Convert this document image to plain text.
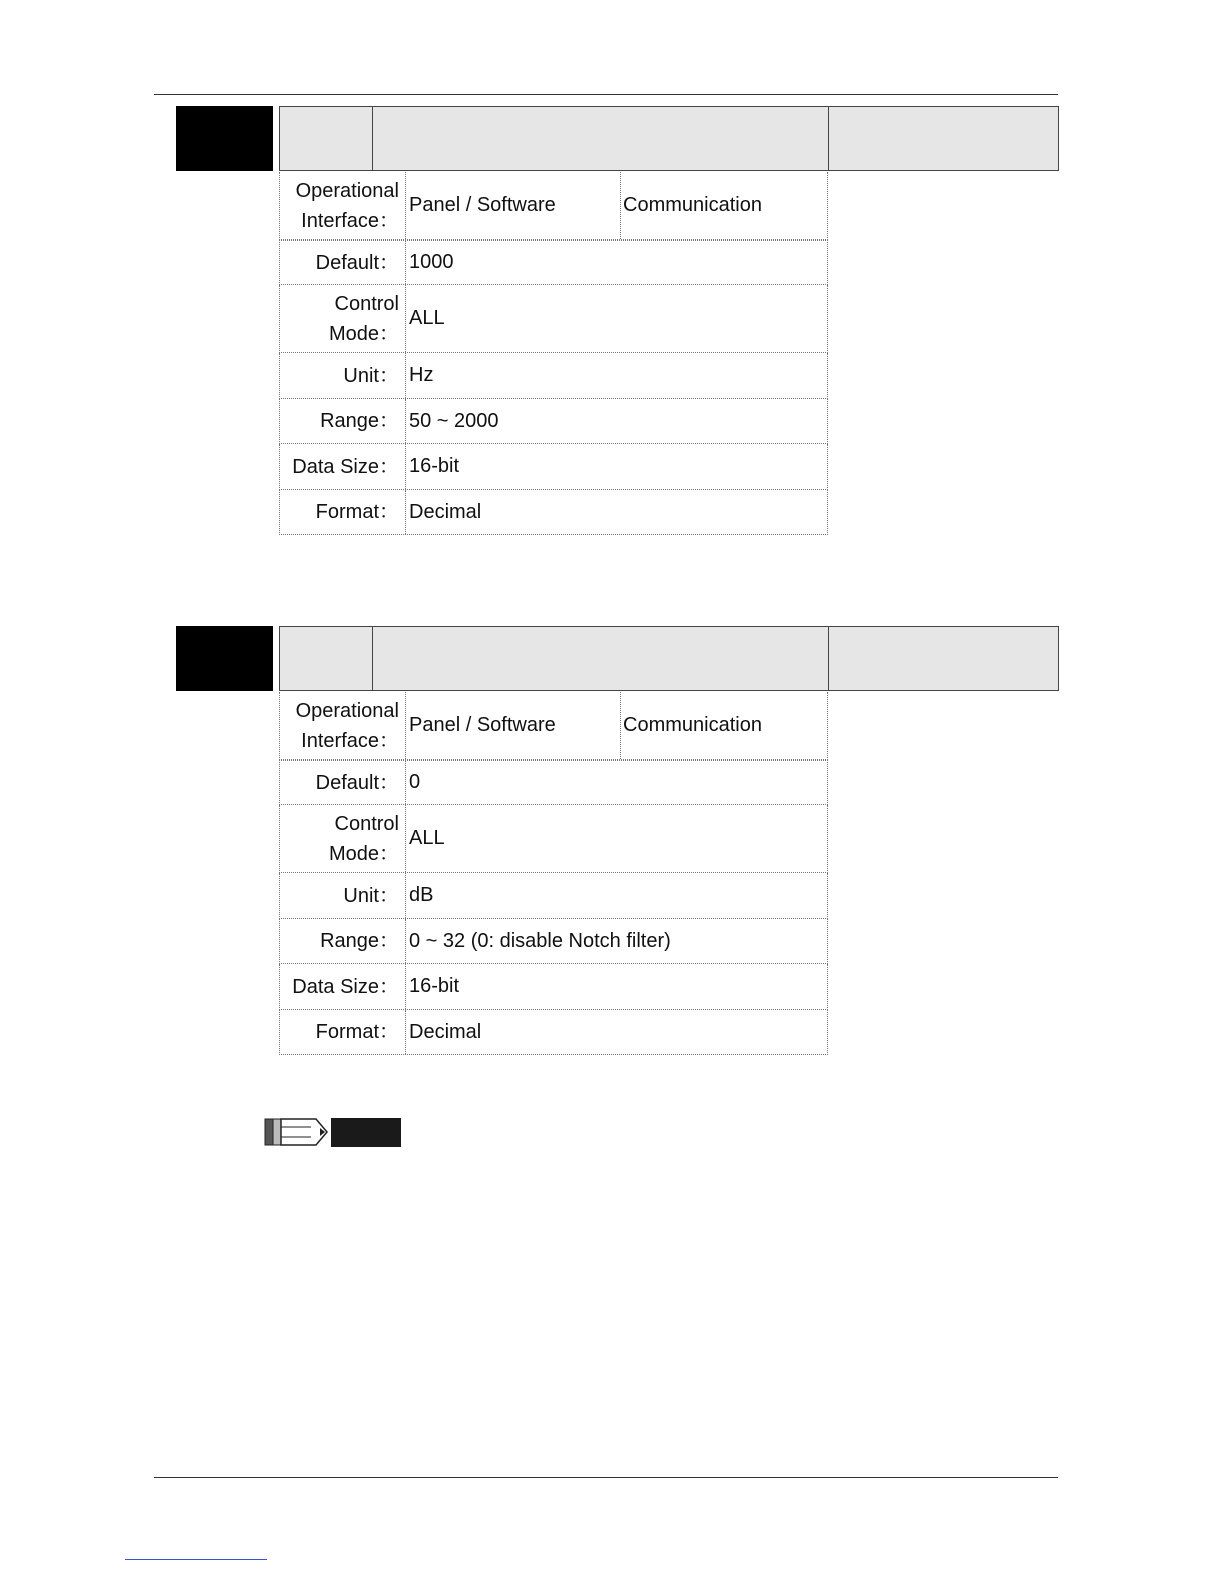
Operational
Interface：
Panel / Software	Communication
Default： 1000
Control
Mode：
ALL
Unit： Hz
Range： 50 ~ 2000
Data Size： 16-bit
Format： Decimal
Operational
Interface：
Panel / Software	Communication
Default： 0
Control
Mode：
ALL
Unit： dB
Range： 0 ~ 32 (0: disable Notch filter)
Data Size： 16-bit
Format： Decimal
